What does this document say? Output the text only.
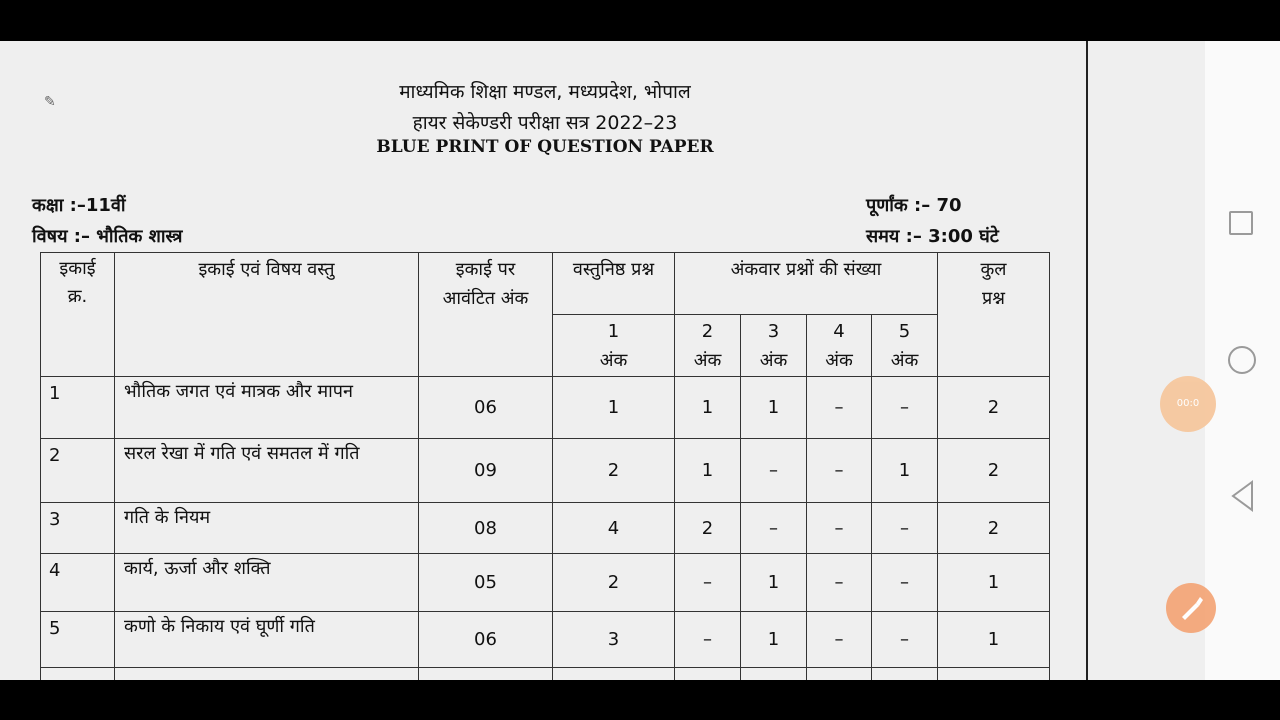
✎	माध्यमिक शिक्षा मण्डल, मध्यप्रदेश, भोपाल
हायर सेकेण्डरी परीक्षा सत्र 2022–23
BLUE PRINT OF QUESTION PAPER
कक्षा :–11वीं
विषय :– भौतिक शास्त्र
पूर्णांक :– 70
समय :– 3:00 घंटे
इकाई क्र.	इकाई एवं विषय वस्तु	इकाई पर आवंटित अंक	वस्तुनिष्ठ प्रश्न	अंकवार प्रश्नों की संख्या				कुल प्रश्न
			1 अंक	2 अंक	3 अंक	4 अंक	5 अंक	
1	भौतिक जगत एवं मात्रक और मापन	06	1	1	1	–	–	2
2	सरल रेखा में गति एवं समतल में गति	09	2	1	–	–	1	2
3	गति के नियम	08	4	2	–	–	–	2
4	कार्य, ऊर्जा और शक्ति	05	2	–	1	–	–	1
5	कणो के निकाय एवं घूर्णी गति	06	3	–	1	–	–	1

00:0
